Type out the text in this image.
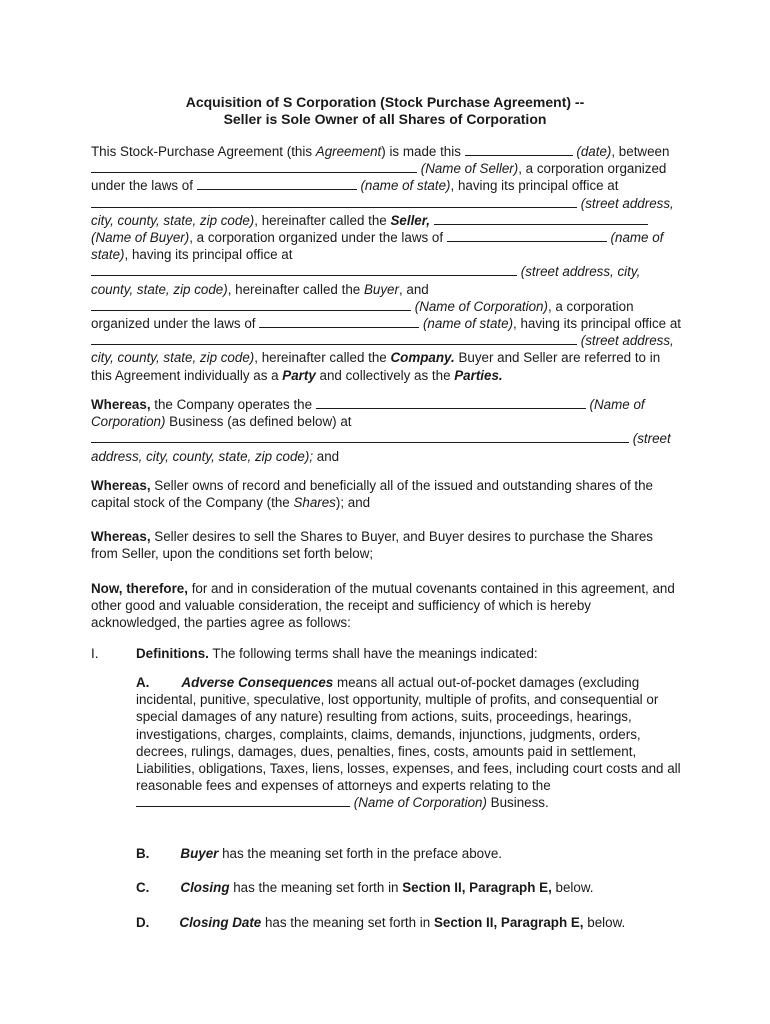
Acquisition of S Corporation (Stock Purchase Agreement) --
Seller is Sole Owner of all Shares of Corporation
This Stock-Purchase Agreement (this Agreement) is made this	(date), between  (Name of Seller), a corporation organized under the laws of	(name of state), having its principal office at  (street address, city, county, state, zip code), hereinafter called the Seller,  (Name of Buyer), a corporation organized under the laws of	(name of state), having its principal office at  (street address, city, county, state, zip code), hereinafter called the Buyer, and  (Name of Corporation), a corporation organized under the laws of	(name of state), having its principal office at  (street address, city, county, state, zip code), hereinafter called the Company. Buyer and Seller are referred to in this Agreement individually as a Party and collectively as the Parties.
Whereas, the Company operates the	(Name of Corporation) Business (as defined below) at  (street address, city, county, state, zip code); and
Whereas, Seller owns of record and beneficially all of the issued and outstanding shares of the capital stock of the Company (the Shares); and
Whereas, Seller desires to sell the Shares to Buyer, and Buyer desires to purchase the Shares from Seller, upon the conditions set forth below;
Now, therefore, for and in consideration of the mutual covenants contained in this agreement, and other good and valuable consideration, the receipt and sufficiency of which is hereby acknowledged, the parties agree as follows:
I.	Definitions. The following terms shall have the meanings indicated:
A. Adverse Consequences means all actual out-of-pocket damages (excluding incidental, punitive, speculative, lost opportunity, multiple of profits, and consequential or special damages of any nature) resulting from actions, suits, proceedings, hearings, investigations, charges, complaints, claims, demands, injunctions, judgments, orders, decrees, rulings, damages, dues, penalties, fines, costs, amounts paid in settlement, Liabilities, obligations, Taxes, liens, losses, expenses, and fees, including court costs and all reasonable fees and expenses of attorneys and experts relating to the  (Name of Corporation) Business.
B. Buyer has the meaning set forth in the preface above.
C. Closing has the meaning set forth in Section II, Paragraph E, below.
D. Closing Date has the meaning set forth in Section II, Paragraph E, below.
